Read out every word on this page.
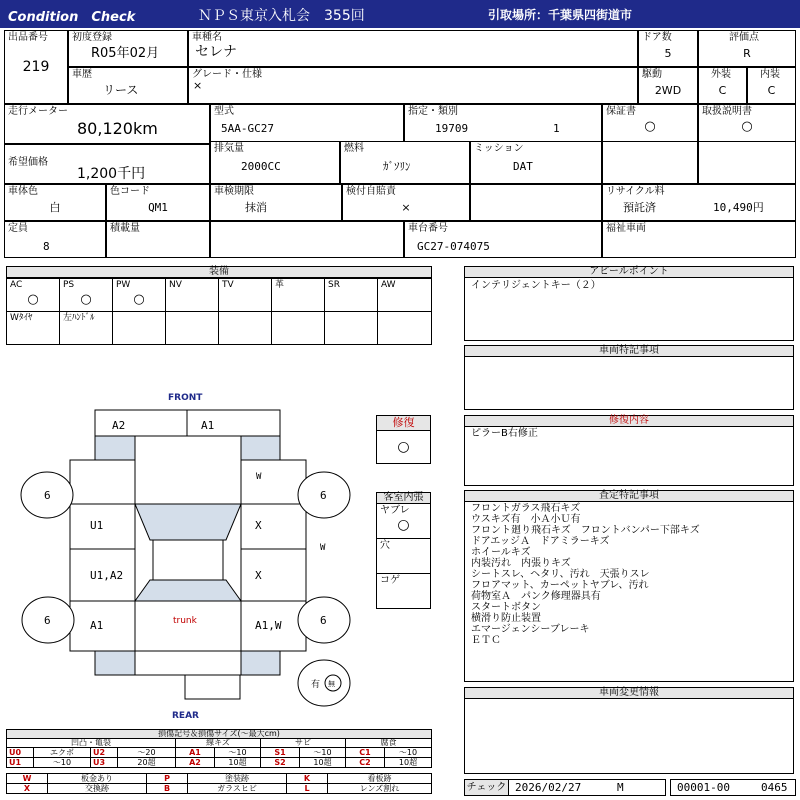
Condition　Check	ＮＰＳ東京入札会　355回	引取場所：千葉県四街道市
出品番号
219
初度登録
R05年02月
車種名
セレナ
ドア数
5
評価点
R
車歴
リース
グレード・仕様
×
駆動
2WD
外装
C
内装
C
走行メーター
80,120km
型式
5AA-GC27
指定・類別
19709	1
保証書
○
取扱説明書
○
希望価格
1,200千円
排気量
2000CC
燃料
ｶﾞｿﾘﾝ
ミッション
DAT
車体色
白
色コード
QM1
車検期限
抹消
検付自賠責
×
リサイクル料
預託済	10,490円
定員
8
積載量	車台番号
GC27-074075
福祉車両
装備
AC
○
PS
○
PW
○
NV	TV	革	SR	AW
Wﾀｲﾔ	左ﾊﾝﾄﾞﾙ
アピールポイント
インテリジェントキー（２）
車両特記事項
修復
○
修復内容
ピラーB右修正
客室内張
ヤブレ
○
穴
コゲ
査定特記事項
フロントガラス飛石キズ
ウスキズ有　小Ａ小Ｕ有
フロント廻り飛石キズ　フロントバンパー下部キズ
ドアエッジＡ　ドアミラーキズ
ホイールキズ
内装汚れ　内張りキズ
シートスレ、ヘタリ、汚れ　天張りスレ
フロアマット、カーペットヤブレ、汚れ
荷物室Ａ　パンク修理器具有
スタートボタン
横滑り防止装置
エマージェンシーブレーキ
ＥＴＣ
車両変更情報
FRONT
REAR
trunk
A2	A1
U1
U1,A2
A1
X
X
A1,W
W
W
6	6
6	6
有 無
損傷記号＆損傷サイズ(〜最大cm)
凹凸・亀裂	線キズ	サビ	腐食
U0	エクボ	U2	〜20	A1	〜10	S1	〜10	C1	〜10
U1	〜10	U3	20超	A2	10超	S2	10超	C2	10超
W	板金あり	P	塗装跡	K	看板跡
X	交換跡	B	ガラスヒビ	L	レンズ割れ	チェック 2026/02/27	M	00001-00	0465
